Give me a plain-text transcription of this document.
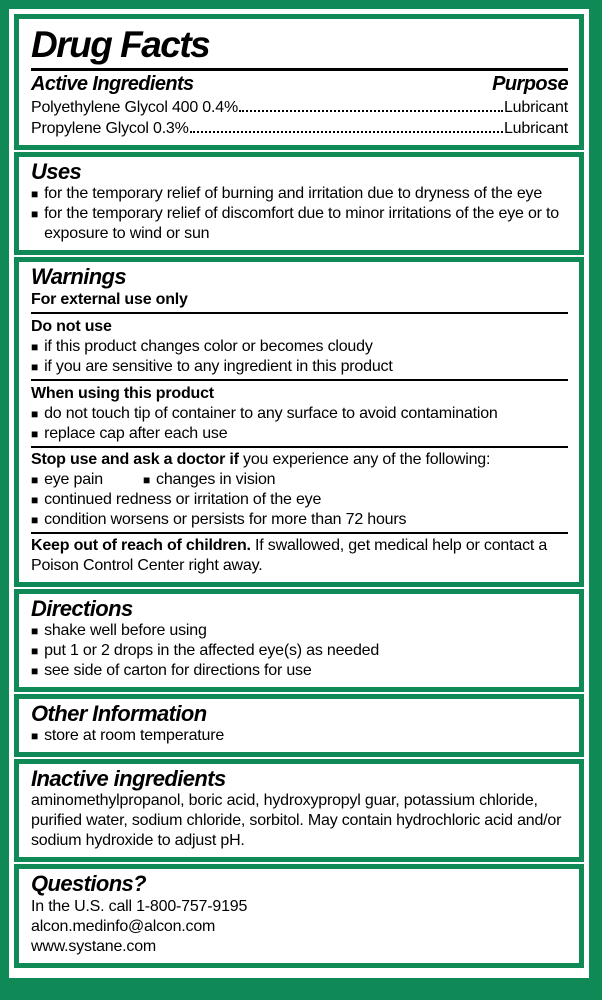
Drug Facts
Active Ingredients	Purpose
Polyethylene Glycol 400 0.4%	Lubricant
Propylene Glycol 0.3%	Lubricant
Uses
■ for the temporary relief of burning and irritation due to dryness of the eye
■ for the temporary relief of discomfort due to minor irritations of the eye or to exposure to wind or sun
Warnings
For external use only
Do not use
■ if this product changes color or becomes cloudy
■ if you are sensitive to any ingredient in this product
When using this product
■ do not touch tip of container to any surface to avoid contamination
■ replace cap after each use
Stop use and ask a doctor if you experience any of the following:
■ eye pain	■ changes in vision
■ continued redness or irritation of the eye
■ condition worsens or persists for more than 72 hours
Keep out of reach of children. If swallowed, get medical help or contact a Poison Control Center right away.
Directions
■ shake well before using
■ put 1 or 2 drops in the affected eye(s) as needed
■ see side of carton for directions for use
Other Information
■ store at room temperature
Inactive ingredients
aminomethylpropanol, boric acid, hydroxypropyl guar, potassium chloride, purified water, sodium chloride, sorbitol. May contain hydrochloric acid and/or sodium hydroxide to adjust pH.
Questions?
In the U.S. call 1-800-757-9195
alcon.medinfo@alcon.com
www.systane.com
